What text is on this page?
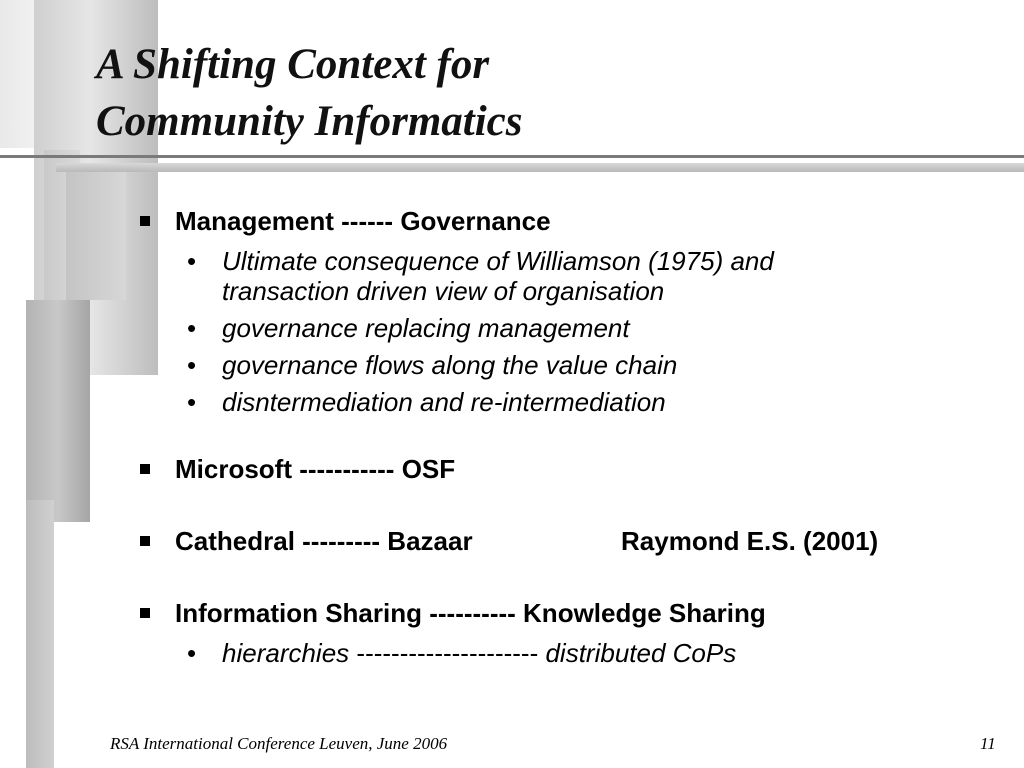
A Shifting Context for
Community Informatics
Management ------ Governance
• Ultimate consequence of Williamson (1975) and
transaction driven view of organisation
• governance replacing management
• governance flows along the value chain
• disntermediation and re-intermediation
Microsoft ----------- OSF
Cathedral --------- Bazaar	Raymond E.S. (2001)
Information Sharing ---------- Knowledge Sharing
• hierarchies --------------------- distributed CoPs
RSA International Conference Leuven, June 2006	11
